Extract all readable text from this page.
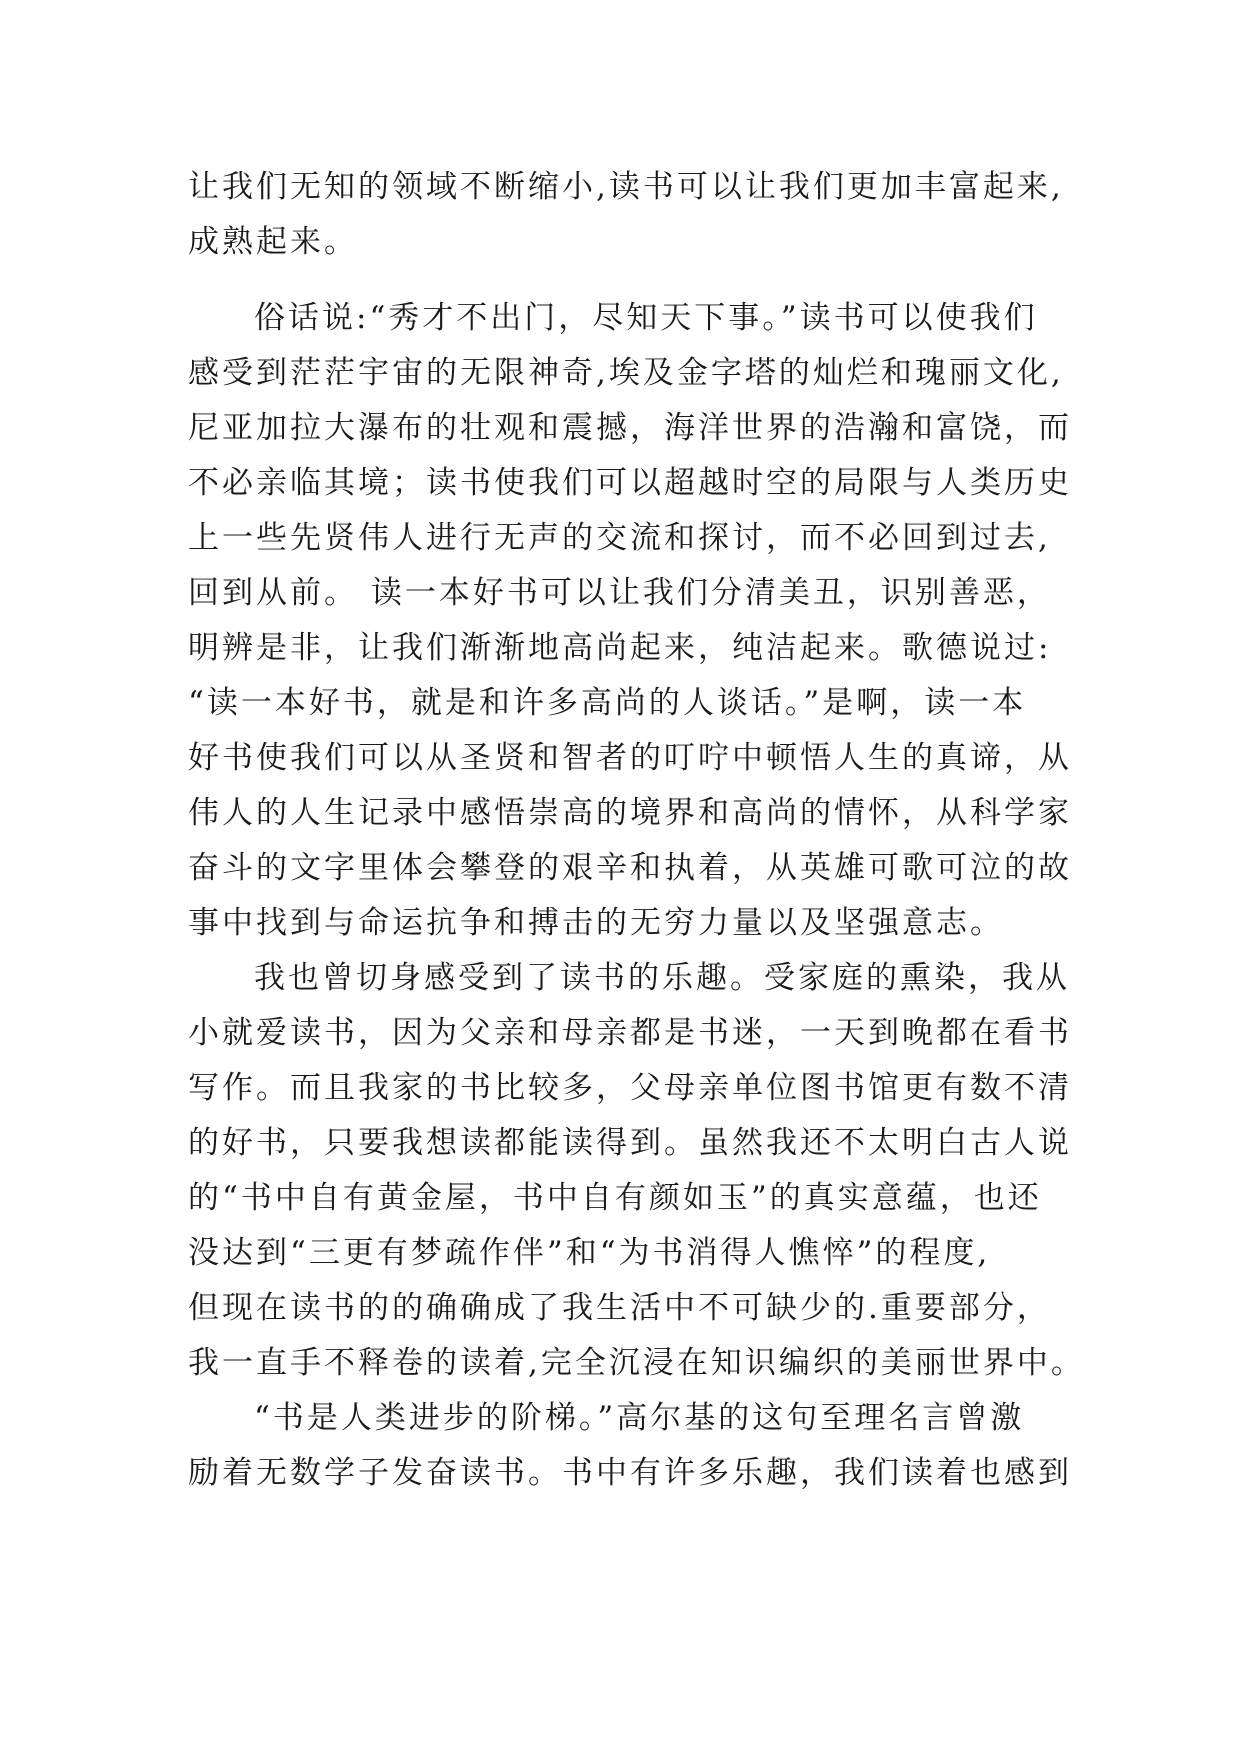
让我们无知的领域不断缩小,读书可以让我们更加丰富起来,
成熟起来。
俗话说:“秀才不出门，尽知天下事。”读书可以使我们
感受到茫茫宇宙的无限神奇,埃及金字塔的灿烂和瑰丽文化,
尼亚加拉大瀑布的壮观和震撼，海洋世界的浩瀚和富饶，而
不必亲临其境；读书使我们可以超越时空的局限与人类历史
上一些先贤伟人进行无声的交流和探讨，而不必回到过去,
回到从前。 读一本好书可以让我们分清美丑，识别善恶，
明辨是非，让我们渐渐地高尚起来，纯洁起来。歌德说过:
“读一本好书，就是和许多高尚的人谈话。”是啊，读一本
好书使我们可以从圣贤和智者的叮咛中顿悟人生的真谛，从
伟人的人生记录中感悟崇高的境界和高尚的情怀，从科学家
奋斗的文字里体会攀登的艰辛和执着，从英雄可歌可泣的故
事中找到与命运抗争和搏击的无穷力量以及坚强意志。
我也曾切身感受到了读书的乐趣。受家庭的熏染，我从
小就爱读书，因为父亲和母亲都是书迷，一天到晚都在看书
写作。而且我家的书比较多，父母亲单位图书馆更有数不清
的好书，只要我想读都能读得到。虽然我还不太明白古人说
的“书中自有黄金屋，书中自有颜如玉”的真实意蕴，也还
没达到“三更有梦疏作伴”和“为书消得人憔悴”的程度,
但现在读书的的确确成了我生活中不可缺少的.重要部分，
我一直手不释卷的读着,完全沉浸在知识编织的美丽世界中。
“书是人类进步的阶梯。”高尔基的这句至理名言曾激
励着无数学子发奋读书。书中有许多乐趣，我们读着也感到
